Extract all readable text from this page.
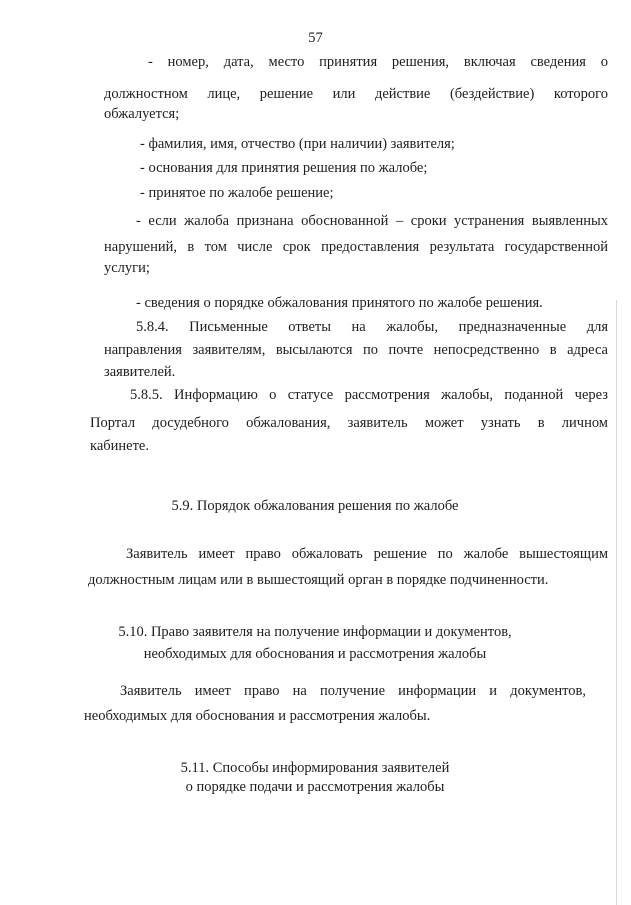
57
- номер, дата, место принятия решения, включая сведения о
должностном лице, решение или действие (бездействие) которого
обжалуется;
- фамилия, имя, отчество (при наличии) заявителя;
- основания для принятия решения по жалобе;
- принятое по жалобе решение;
- если жалоба признана обоснованной – сроки устранения выявленных
нарушений, в том числе срок предоставления результата государственной
услуги;
- сведения о порядке обжалования принятого по жалобе решения.
5.8.4. Письменные ответы на жалобы, предназначенные для
направления заявителям, высылаются по почте непосредственно в адреса
заявителей.
5.8.5. Информацию о статусе рассмотрения жалобы, поданной через
Портал досудебного обжалования, заявитель может узнать в личном
кабинете.
5.9. Порядок обжалования решения по жалобе
Заявитель имеет право обжаловать решение по жалобе вышестоящим
должностным лицам или в вышестоящий орган в порядке подчиненности.
5.10. Право заявителя на получение информации и документов,
необходимых для обоснования и рассмотрения жалобы
Заявитель имеет право на получение информации и документов,
необходимых для обоснования и рассмотрения жалобы.
5.11. Способы информирования заявителей
о порядке подачи и рассмотрения жалобы
